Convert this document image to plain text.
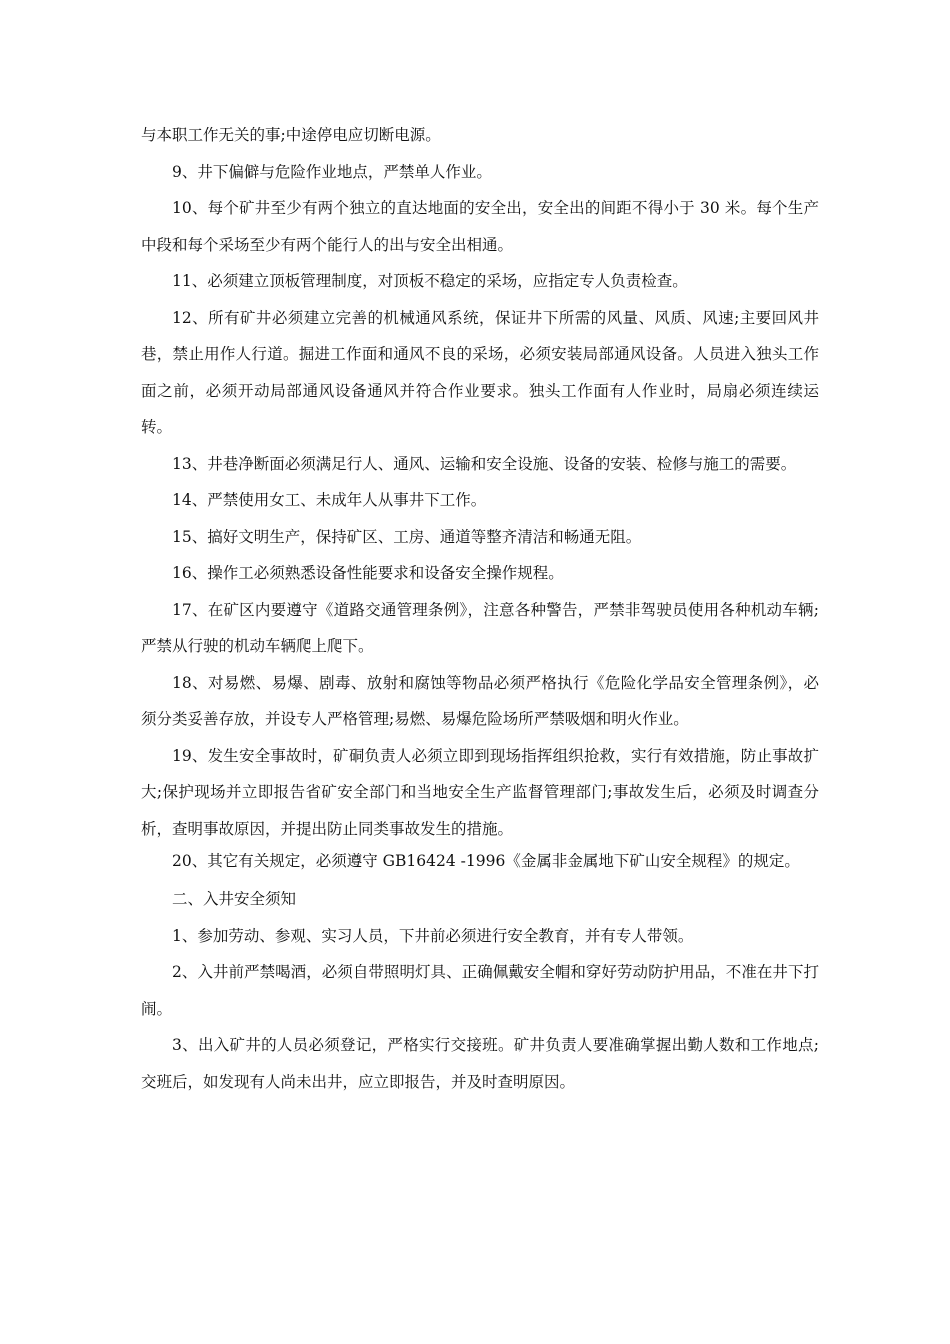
与本职工作无关的事;中途停电应切断电源。

9、井下偏僻与危险作业地点，严禁单人作业。

10、每个矿井至少有两个独立的直达地面的安全出，安全出的间距不得小于 30 米。每个生产中段和每个采场至少有两个能行人的出与安全出相通。

11、必须建立顶板管理制度，对顶板不稳定的采场，应指定专人负责检查。

12、所有矿井必须建立完善的机械通风系统，保证井下所需的风量、风质、风速;主要回风井巷，禁止用作人行道。掘进工作面和通风不良的采场，必须安装局部通风设备。人员进入独头工作面之前，必须开动局部通风设备通风并符合作业要求。独头工作面有人作业时，局扇必须连续运转。

13、井巷净断面必须满足行人、通风、运输和安全设施、设备的安装、检修与施工的需要。

14、严禁使用女工、未成年人从事井下工作。

15、搞好文明生产，保持矿区、工房、通道等整齐清洁和畅通无阻。

16、操作工必须熟悉设备性能要求和设备安全操作规程。

17、在矿区内要遵守《道路交通管理条例》，注意各种警告，严禁非驾驶员使用各种机动车辆;严禁从行驶的机动车辆爬上爬下。

18、对易燃、易爆、剧毒、放射和腐蚀等物品必须严格执行《危险化学品安全管理条例》，必须分类妥善存放，并设专人严格管理;易燃、易爆危险场所严禁吸烟和明火作业。

19、发生安全事故时，矿硐负责人必须立即到现场指挥组织抢救，实行有效措施，防止事故扩大;保护现场并立即报告省矿安全部门和当地安全生产监督管理部门;事故发生后，必须及时调查分析，查明事故原因，并提出防止同类事故发生的措施。

20、其它有关规定，必须遵守 GB16424 -1996《金属非金属地下矿山安全规程》的规定。

二、入井安全须知

1、参加劳动、参观、实习人员，下井前必须进行安全教育，并有专人带领。

2、入井前严禁喝酒，必须自带照明灯具、正确佩戴安全帽和穿好劳动防护用品，不准在井下打闹。

3、出入矿井的人员必须登记，严格实行交接班。矿井负责人要准确掌握出勤人数和工作地点;交班后，如发现有人尚未出井，应立即报告，并及时查明原因。
